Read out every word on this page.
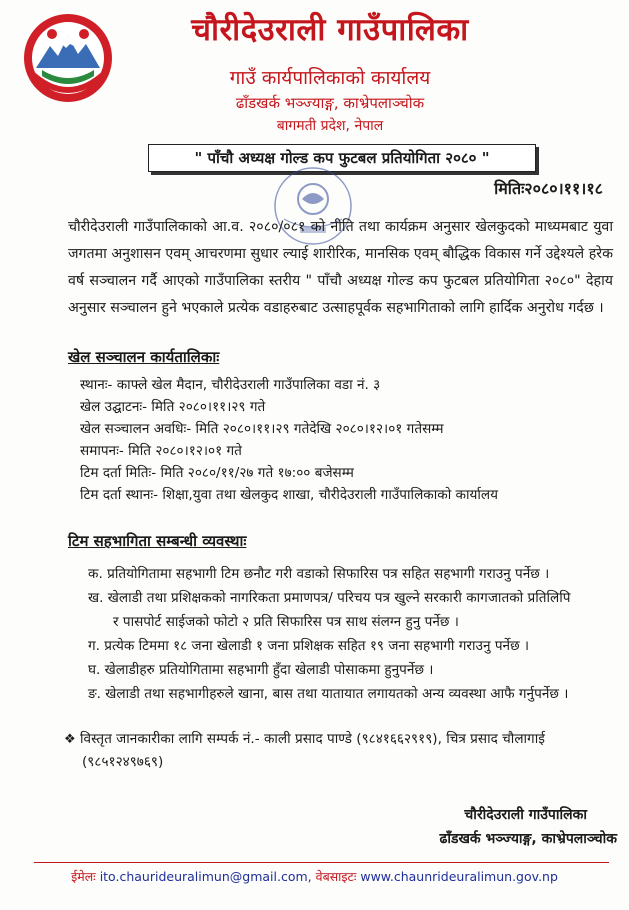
चौरीदेउराली गाउँपालिका
गाउँ कार्यपालिकाको कार्यालय
ढाँडखर्क भञ्ज्याङ्ग, काभ्रेपलाञ्चोक
बागमती प्रदेश, नेपाल
" पाँचौ अध्यक्ष गोल्ड कप फुटबल प्रतियोगिता २०८० "
मितिः२०८०।११।१८
चौरीदेउराली गाउँपालिकाको आ.व. २०८०/०८१ को नीति तथा कार्यक्रम अनुसार खेलकुदको माध्यमबाट युवा जगतमा अनुशासन एवम् आचरणमा सुधार ल्याई शारीरिक, मानसिक एवम् बौद्धिक विकास गर्ने उद्देश्यले हरेक वर्ष सञ्चालन गर्दै आएको गाउँपालिका स्तरीय " पाँचौ अध्यक्ष गोल्ड कप फुटबल प्रतियोगिता २०८०" देहाय अनुसार सञ्चालन हुने भएकाले प्रत्येक वडाहरुबाट उत्साहपूर्वक सहभागिताको लागि हार्दिक अनुरोध गर्दछ ।
खेल सञ्चालन कार्यतालिकाः
स्थानः- काफ्ले खेल मैदान, चौरीदेउराली गाउँपालिका वडा नं. ३
खेल उद्घाटनः- मिति २०८०।११।२९ गते
खेल सञ्चालन अवधिः- मिति २०८०।११।२९ गतेदेखि २०८०।१२।०१ गतेसम्म
समापनः- मिति २०८०।१२।०१ गते
टिम दर्ता मितिः- मिति २०८०/११/२७ गते १७:०० बजेसम्म
टिम दर्ता स्थानः- शिक्षा,युवा तथा खेलकुद शाखा, चौरीदेउराली गाउँपालिकाको कार्यालय
टिम सहभागिता सम्बन्धी व्यवस्थाः
क. प्रतियोगितामा सहभागी टिम छनौट गरी वडाको सिफारिस पत्र सहित सहभागी गराउनु पर्नेछ ।
ख. खेलाडी तथा प्रशिक्षकको नागरिकता प्रमाणपत्र/ परिचय पत्र खुल्ने सरकारी कागजातको प्रतिलिपि
र पासपोर्ट साईजको फोटो २ प्रति सिफारिस पत्र साथ संलग्न हुनु पर्नेछ ।
ग. प्रत्येक टिममा १८ जना खेलाडी १ जना प्रशिक्षक सहित १९ जना सहभागी गराउनु पर्नेछ ।
घ. खेलाडीहरु प्रतियोगितामा सहभागी हुँदा खेलाडी पोसाकमा हुनुपर्नेछ ।
ङ. खेलाडी तथा सहभागीहरुले खाना, बास तथा यातायात लगायतको अन्य व्यवस्था आफै गर्नुपर्नेछ ।
❖ विस्तृत जानकारीका लागि सम्पर्क नं.- काली प्रसाद पाण्डे (९८४१६६२९१९), चित्र प्रसाद चौलागाई
(९८५१२४९७६९)
चौरीदेउराली गाउँपालिका
ढाँडखर्क भञ्ज्याङ्ग, काभ्रेपलाञ्चोक
ईमेलः ito.chaurideuralimun@gmail.com, वेबसाइटः www.chaunrideuralimun.gov.np
